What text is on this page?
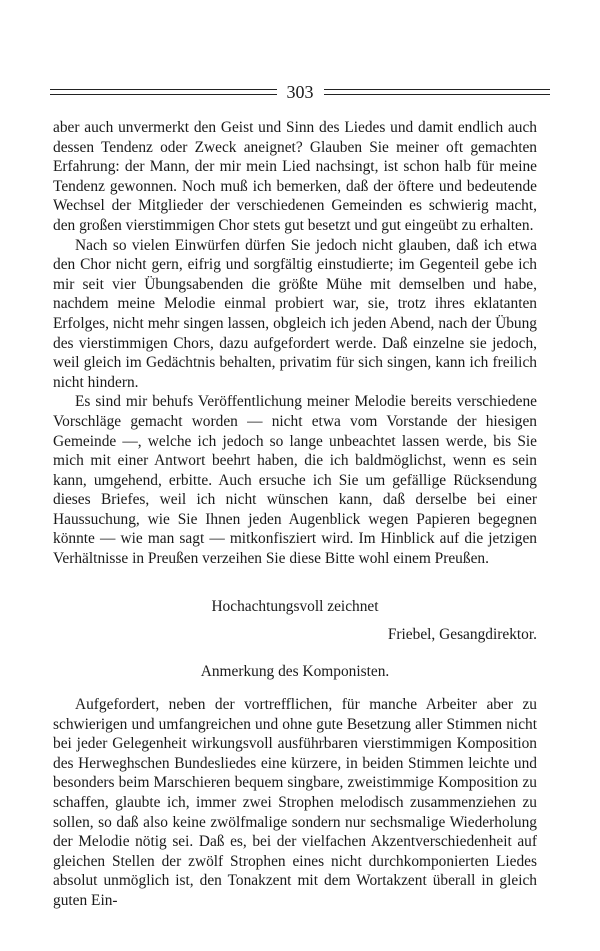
303

aber auch unvermerkt den Geist und Sinn des Liedes und damit endlich auch dessen Tendenz oder Zweck aneignet? Glauben Sie meiner oft gemachten Erfahrung: der Mann, der mir mein Lied nachsingt, ist schon halb für meine Tendenz gewonnen. Noch muß ich bemerken, daß der öftere und bedeutende Wechsel der Mitglieder der verschiedenen Gemeinden es schwierig macht, den großen vierstimmigen Chor stets gut besetzt und gut eingeübt zu erhalten.

Nach so vielen Einwürfen dürfen Sie jedoch nicht glauben, daß ich etwa den Chor nicht gern, eifrig und sorgfältig einstudierte; im Gegenteil gebe ich mir seit vier Übungsabenden die größte Mühe mit demselben und habe, nachdem meine Melodie einmal probiert war, sie, trotz ihres eklatanten Erfolges, nicht mehr singen lassen, obgleich ich jeden Abend, nach der Übung des vierstimmigen Chors, dazu aufgefordert werde. Daß einzelne sie jedoch, weil gleich im Gedächtnis behalten, privatim für sich singen, kann ich freilich nicht hindern.

Es sind mir behufs Veröffentlichung meiner Melodie bereits verschiedene Vorschläge gemacht worden — nicht etwa vom Vorstande der hiesigen Gemeinde —, welche ich jedoch so lange unbeachtet lassen werde, bis Sie mich mit einer Antwort beehrt haben, die ich baldmöglichst, wenn es sein kann, umgehend, erbitte. Auch ersuche ich Sie um gefällige Rücksendung dieses Briefes, weil ich nicht wünschen kann, daß derselbe bei einer Haussuchung, wie Sie Ihnen jeden Augenblick wegen Papieren begegnen könnte — wie man sagt — mitkonfisziert wird. Im Hinblick auf die jetzigen Verhältnisse in Preußen verzeihen Sie diese Bitte wohl einem Preußen.

Hochachtungsvoll zeichnet
Friebel, Gesangdirektor.
Anmerkung des Komponisten.

Aufgefordert, neben der vortrefflichen, für manche Arbeiter aber zu schwierigen und umfangreichen und ohne gute Besetzung aller Stimmen nicht bei jeder Gelegenheit wirkungsvoll ausführbaren vierstimmigen Komposition des Herweghschen Bundesliedes eine kürzere, in beiden Stimmen leichte und besonders beim Marschieren bequem singbare, zweistimmige Komposition zu schaffen, glaubte ich, immer zwei Strophen melodisch zusammenziehen zu sollen, so daß also keine zwölfmalige sondern nur sechsmalige Wiederholung der Melodie nötig sei. Daß es, bei der vielfachen Akzentverschiedenheit auf gleichen Stellen der zwölf Strophen eines nicht durchkomponierten Liedes absolut unmöglich ist, den Tonakzent mit dem Wortakzent überall in gleich guten Ein-
